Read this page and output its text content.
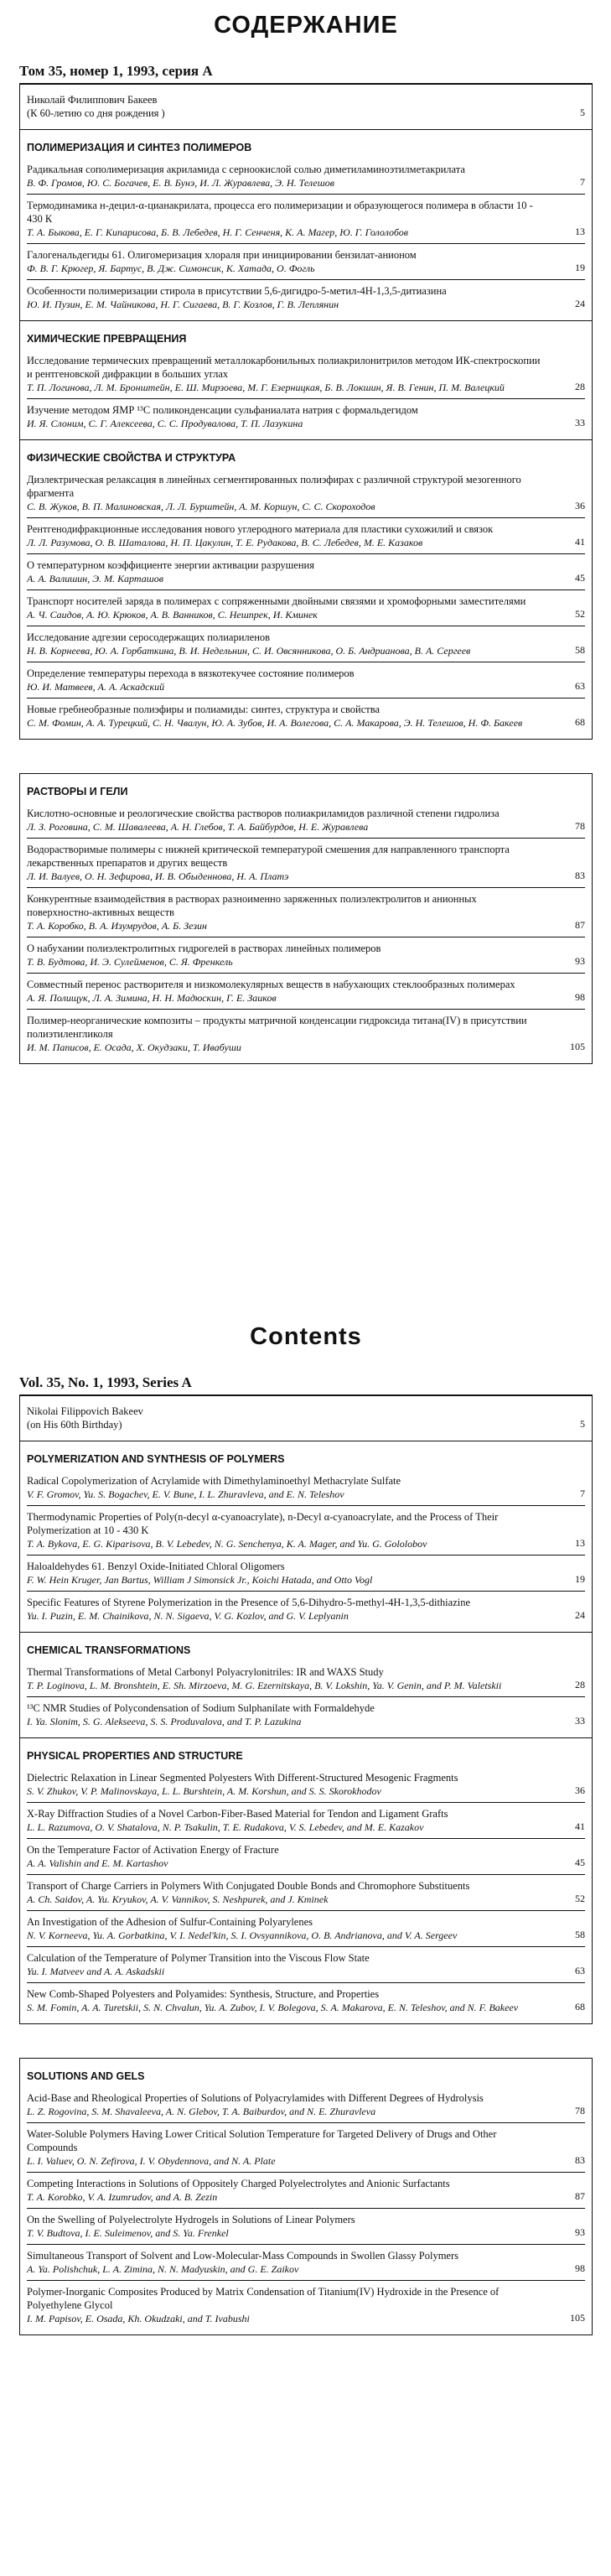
СОДЕРЖАНИЕ
Том 35, номер 1, 1993, серия А
Николай Филиппович Бакеев
(К 60-летию со дня рождения )	5
ПОЛИМЕРИЗАЦИЯ И СИНТЕЗ ПОЛИМЕРОВ
Радикальная сополимеризация акриламида с серноокислой солью диметиламиноэтилметакрилата
В. Ф. Громов, Ю. С. Богачев, Е. В. Бунэ, И. Л. Журавлева, Э. Н. Телешов	7
Термодинамика н-децил-α-цианакрилата, процесса его полимеризации и образующегося полимера в области 10 - 430 К
Т. А. Быкова, Е. Г. Кипарисова, Б. В. Лебедев, Н. Г. Сенченя, К. А. Магер, Ю. Г. Гололобов	13
Галогенальдегиды 61. Олигомеризация хлораля при инициировании бензилат-анионом
Ф. В. Г. Крюгер, Я. Бартус, В. Дж. Симонсик, К. Хатада, О. Фогль	19
Особенности полимеризации стирола в присутствии 5,6-дигидро-5-метил-4Н-1,3,5-дитиазина
Ю. И. Пузин, Е. М. Чайникова, Н. Г. Сигаева, В. Г. Козлов, Г. В. Леплянин	24
ХИМИЧЕСКИЕ ПРЕВРАЩЕНИЯ
Исследование термических превращений металлокарбонильных полиакрилонитрилов методом ИК-спектроскопии и рентгеновской дифракции в больших углах
Т. П. Логинова, Л. М. Бронштейн, Е. Ш. Мирзоева, М. Г. Езерницкая, Б. В. Локшин, Я. В. Генин, П. М. Валецкий	28
Изучение методом ЯМР ¹³С поликонденсации сульфаниалата натрия с формальдегидом
И. Я. Слоним, С. Г. Алексеева, С. С. Продувалова, Т. П. Лазукина	33
ФИЗИЧЕСКИЕ СВОЙСТВА И СТРУКТУРА
Диэлектрическая релаксация в линейных сегментированных полиэфирах с различной структурой мезогенного фрагмента
С. В. Жуков, В. П. Малиновская, Л. Л. Бурштейн, А. М. Коршун, С. С. Скороходов	36
Рентгенодифракционные исследования нового углеродного материала для пластики сухожилий и связок
Л. Л. Разумова, О. В. Шаталова, Н. П. Цакулин, Т. Е. Рудакова, В. С. Лебедев, М. Е. Казаков	41
О температурном коэффициенте энергии активации разрушения
А. А. Валишин, Э. М. Карташов	45
Транспорт носителей заряда в полимерах с сопряженными двойными связями и хромофорными заместителями
А. Ч. Саидов, А. Ю. Крюков, А. В. Ванников, С. Нешпрек, И. Кминек	52
Исследование адгезии серосодержащих полиариленов
Н. В. Корнеева, Ю. А. Горбаткина, В. И. Недельнин, С. И. Овсянникова, О. Б. Андрианова, В. А. Сергеев	58
Определение температуры перехода в вязкотекучее состояние полимеров
Ю. И. Матвеев, А. А. Аскадский	63
Новые гребнеобразные полиэфиры и полиамиды: синтез, структура и свойства
С. М. Фомин, А. А. Турецкий, С. Н. Чвалун, Ю. А. Зубов, И. А. Волегова, С. А. Макарова, Э. Н. Телешов, Н. Ф. Бакеев	68
РАСТВОРЫ И ГЕЛИ
Кислотно-основные и реологические свойства растворов полиакриламидов различной степени гидролиза
Л. З. Роговина, С. М. Шавалеева, А. Н. Глебов, Т. А. Байбурдов, Н. Е. Журавлева	78
Водорастворимые полимеры с нижней критической температурой смешения для направленного транспорта лекарственных препаратов и других веществ
Л. И. Валуев, О. Н. Зефирова, И. В. Обыденнова, Н. А. Платэ	83
Конкурентные взаимодействия в растворах разноименно заряженных полиэлектролитов и анионных поверхностно-активных веществ
Т. А. Коробко, В. А. Изумрудов, А. Б. Зезин	87
О набухании полиэлектролитных гидрогелей в растворах линейных полимеров
Т. В. Будтова, И. Э. Сулейменов, С. Я. Френкель	93
Совместный перенос растворителя и низкомолекулярных веществ в набухающих стеклообразных полимерах
А. Я. Полищук, Л. А. Зимина, Н. Н. Мадюскин, Г. Е. Заиков	98
Полимер-неорганические композиты – продукты матричной конденсации гидроксида титана(IV) в присутствии полиэтиленгликоля
И. М. Паписов, Е. Осада, Х. Окудзаки, Т. Ивабуши	105
Contents
Vol. 35, No. 1, 1993, Series A
Nikolai Filippovich Bakeev
(on His 60th Birthday)	5
POLYMERIZATION AND SYNTHESIS OF POLYMERS
Radical Copolymerization of Acrylamide with Dimethylaminoethyl Methacrylate Sulfate
V. F. Gromov, Yu. S. Bogachev, E. V. Bune, I. L. Zhuravleva, and E. N. Teleshov	7
Thermodynamic Properties of Poly(n-decyl α-cyanoacrylate), n-Decyl α-cyanoacrylate, and the Process of Their Polymerization at 10 - 430 K
T. A. Bykova, E. G. Kiparisova, B. V. Lebedev, N. G. Senchenya, K. A. Mager, and Yu. G. Gololobov	13
Haloaldehydes 61. Benzyl Oxide-Initiated Chloral Oligomers
F. W. Hein Kruger, Jan Bartus, William J Simonsick Jr., Koichi Hatada, and Otto Vogl	19
Specific Features of Styrene Polymerization in the Presence of 5,6-Dihydro-5-methyl-4H-1,3,5-dithiazine
Yu. I. Puzin, E. M. Chainikova, N. N. Sigaeva, V. G. Kozlov, and G. V. Leplyanin	24
CHEMICAL TRANSFORMATIONS
Thermal Transformations of Metal Carbonyl Polyacrylonitriles: IR and WAXS Study
T. P. Loginova, L. M. Bronshtein, E. Sh. Mirzoeva, M. G. Ezernitskaya, B. V. Lokshin, Ya. V. Genin, and P. M. Valetskii	28
¹³C NMR Studies of Polycondensation of Sodium Sulphanilate with Formaldehyde
I. Ya. Slonim, S. G. Alekseeva, S. S. Produvalova, and T. P. Lazukina	33
PHYSICAL PROPERTIES AND STRUCTURE
Dielectric Relaxation in Linear Segmented Polyesters With Different-Structured Mesogenic Fragments
S. V. Zhukov, V. P. Malinovskaya, L. L. Burshtein, A. M. Korshun, and S. S. Skorokhodov	36
X-Ray Diffraction Studies of a Novel Carbon-Fiber-Based Material for Tendon and Ligament Grafts
L. L. Razumova, O. V. Shatalova, N. P. Tsakulin, T. E. Rudakova, V. S. Lebedev, and M. E. Kazakov	41
On the Temperature Factor of Activation Energy of Fracture
A. A. Valishin and E. M. Kartashov	45
Transport of Charge Carriers in Polymers With Conjugated Double Bonds and Chromophore Substituents
A. Ch. Saidov, A. Yu. Kryukov, A. V. Vannikov, S. Neshpurek, and J. Kminek	52
An Investigation of the Adhesion of Sulfur-Containing Polyarylenes
N. V. Korneeva, Yu. A. Gorbatkina, V. I. Nedel'kin, S. I. Ovsyannikova, O. B. Andrianova, and V. A. Sergeev	58
Calculation of the Temperature of Polymer Transition into the Viscous Flow State
Yu. I. Matveev and A. A. Askadskii	63
New Comb-Shaped Polyesters and Polyamides: Synthesis, Structure, and Properties
S. M. Fomin, A. A. Turetskii, S. N. Chvalun, Yu. A. Zubov, I. V. Bolegova, S. A. Makarova, E. N. Teleshov, and N. F. Bakeev	68
SOLUTIONS AND GELS
Acid-Base and Rheological Properties of Solutions of Polyacrylamides with Different Degrees of Hydrolysis
L. Z. Rogovina, S. M. Shavaleeva, A. N. Glebov, T. A. Baiburdov, and N. E. Zhuravleva	78
Water-Soluble Polymers Having Lower Critical Solution Temperature for Targeted Delivery of Drugs and Other Compounds
L. I. Valuev, O. N. Zefirova, I. V. Obydennova, and N. A. Plate	83
Competing Interactions in Solutions of Oppositely Charged Polyelectrolytes and Anionic Surfactants
T. A. Korobko, V. A. Izumrudov, and A. B. Zezin	87
On the Swelling of Polyelectrolyte Hydrogels in Solutions of Linear Polymers
T. V. Budtova, I. E. Suleimenov, and S. Ya. Frenkel	93
Simultaneous Transport of Solvent and Low-Molecular-Mass Compounds in Swollen Glassy Polymers
A. Ya. Polishchuk, L. A. Zimina, N. N. Madyuskin, and G. E. Zaikov	98
Polymer-Inorganic Composites Produced by Matrix Condensation of Titanium(IV) Hydroxide in the Presence of Polyethylene Glycol
I. M. Papisov, E. Osada, Kh. Okudzaki, and T. Ivabushi	105
